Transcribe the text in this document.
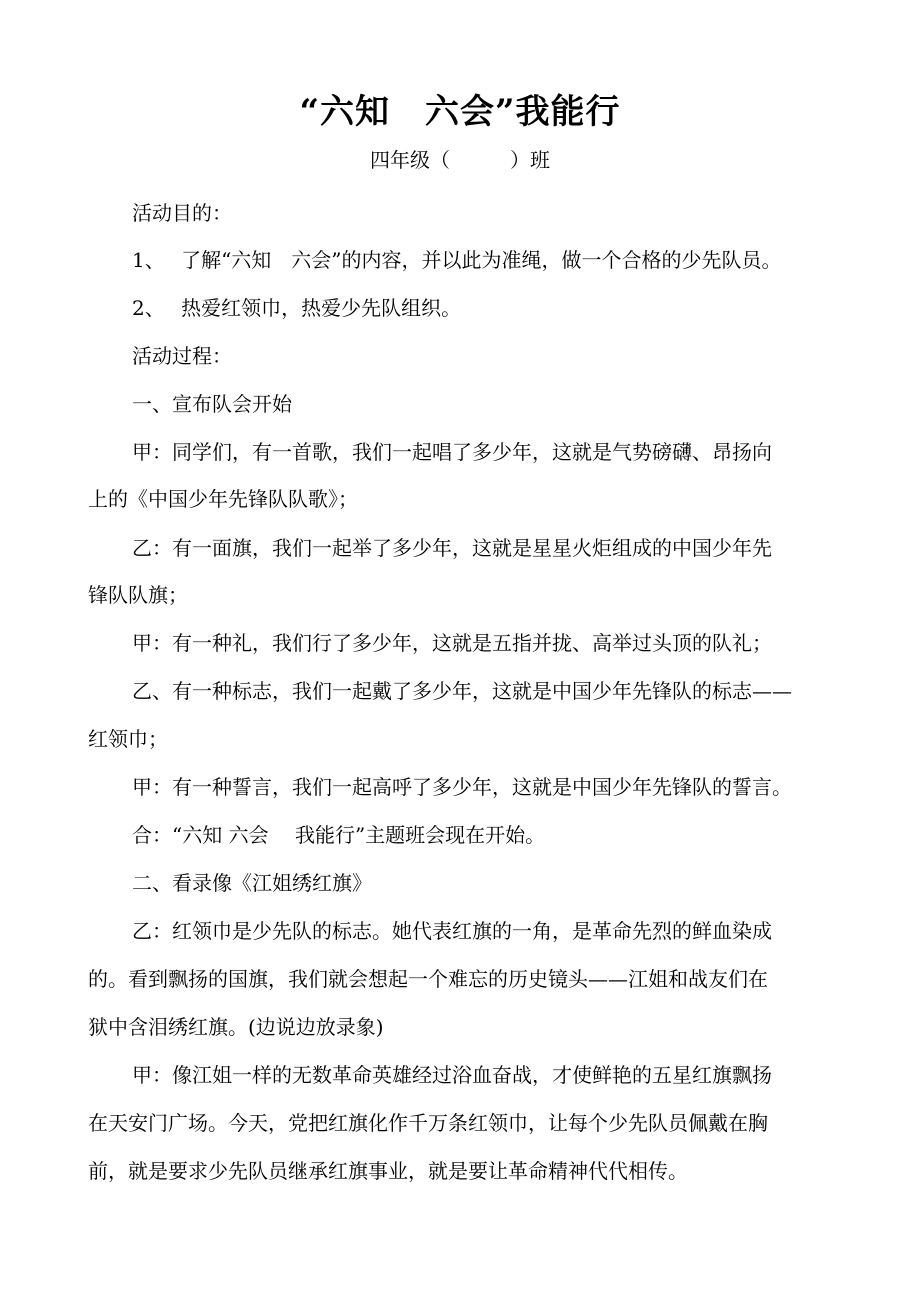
“六知　六会”我能行
四年级（　　　）班
活动目的：
1、　 了解“六知　六会”的内容，并以此为准绳，做一个合格的少先队员。
2、　 热爱红领巾，热爱少先队组织。
活动过程：
一、宣布队会开始
甲：同学们，有一首歌，我们一起唱了多少年，这就是气势磅礴、昂扬向
上的《中国少年先锋队队歌》；
乙：有一面旗，我们一起举了多少年，这就是星星火炬组成的中国少年先
锋队队旗；
甲：有一种礼，我们行了多少年，这就是五指并拢、高举过头顶的队礼；
乙、有一种标志，我们一起戴了多少年，这就是中国少年先锋队的标志——
红领巾；
甲：有一种誓言，我们一起高呼了多少年，这就是中国少年先锋队的誓言。
合：“六知 六会　 我能行”主题班会现在开始。
二、看录像《江姐绣红旗》
乙：红领巾是少先队的标志。她代表红旗的一角，是革命先烈的鲜血染成
的。看到飘扬的国旗，我们就会想起一个难忘的历史镜头——江姐和战友们在
狱中含泪绣红旗。(边说边放录象)
甲：像江姐一样的无数革命英雄经过浴血奋战，才使鲜艳的五星红旗飘扬
在天安门广场。今天，党把红旗化作千万条红领巾，让每个少先队员佩戴在胸
前，就是要求少先队员继承红旗事业，就是要让革命精神代代相传。
